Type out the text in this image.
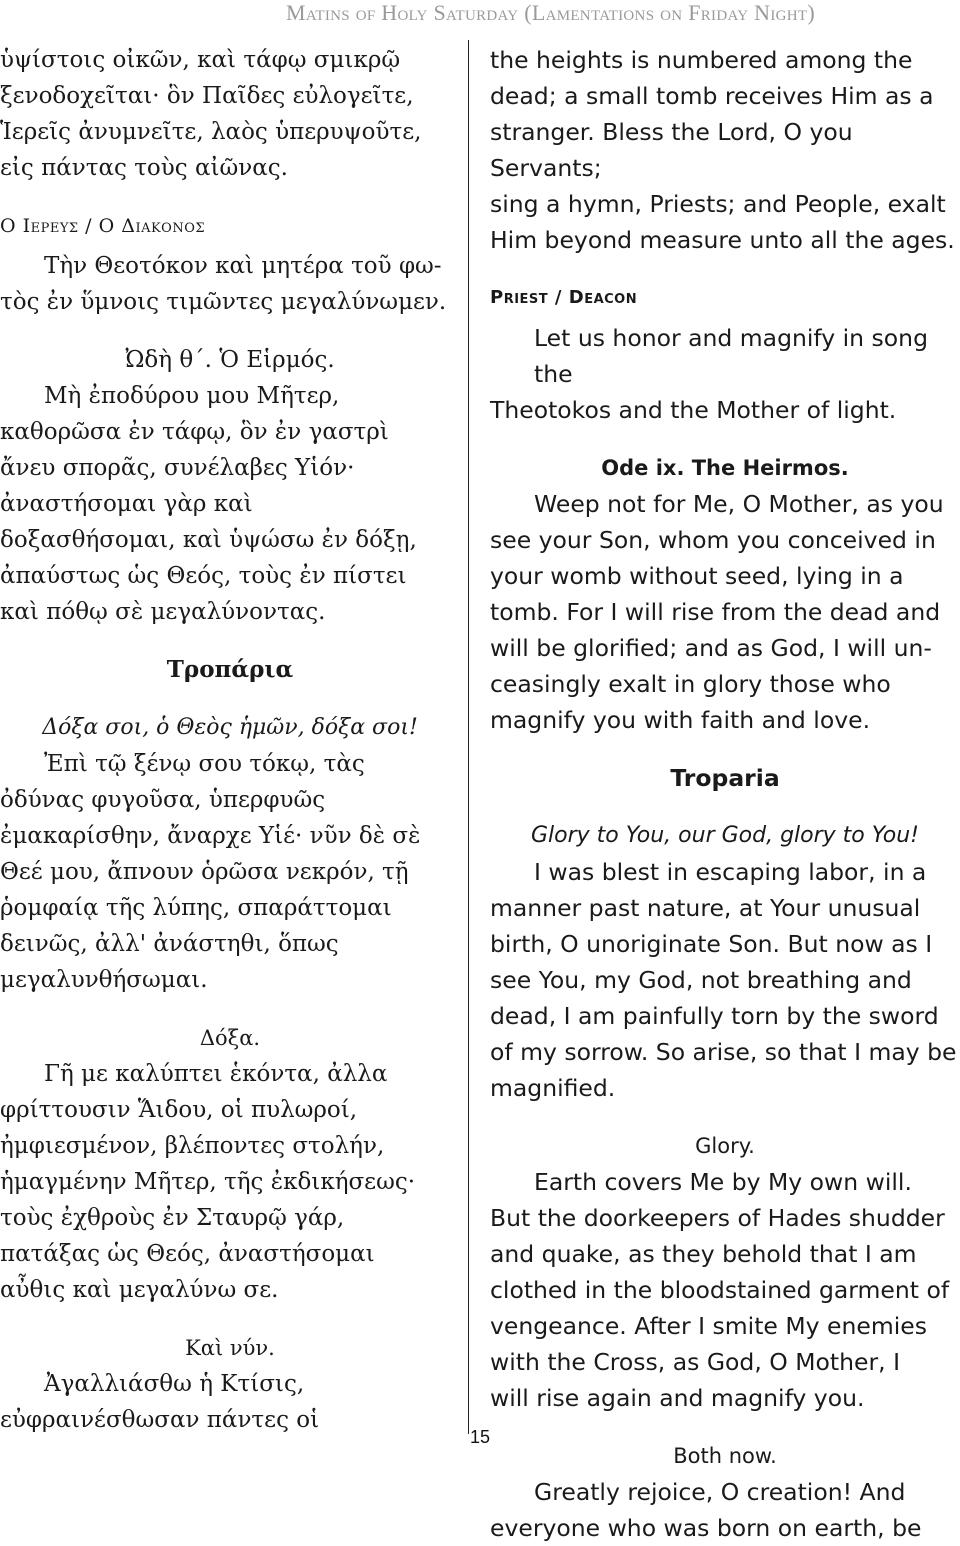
Matins of Holy Saturday (Lamentations on Friday Night)

ὑψίστοις οἰκῶν, καὶ τάφῳ σμικρῷ

ξενοδοχεῖται· ὃν Παῖδες εὐλογεῖτε,

Ἱερεῖς ἀνυμνεῖτε, λαὸς ὑπερυψοῦτε,

εἰς πάντας τοὺς αἰῶνας.

Ο Ιερευς / Ο Διακονος

Τὴν Θεοτόκον καὶ μητέρα τοῦ φω-

τὸς ἐν ὕμνοις τιμῶντες μεγαλύνωμεν.

Ὠδὴ θ΄. Ὁ Εἱρμός.

Μὴ ἐποδύρου μου Μῆτερ,

καθορῶσα ἐν τάφῳ, ὃν ἐν γαστρὶ

ἄνευ σπορᾶς, συνέλαβες Υἱόν·

ἀναστήσομαι γὰρ καὶ

δοξασθήσομαι, καὶ ὑψώσω ἐν δόξῃ,

ἀπαύστως ὡς Θεός, τοὺς ἐν πίστει

καὶ πόθῳ σὲ μεγαλύνοντας.

Τροπάρια

Δόξα σοι, ὁ Θεὸς ἡμῶν, δόξα σοι!

Ἐπὶ τῷ ξένῳ σου τόκῳ, τὰς

ὀδύνας φυγοῦσα, ὑπερφυῶς

ἐμακαρίσθην, ἄναρχε Υἱέ· νῦν δὲ σὲ

Θεέ μου, ἄπνουν ὁρῶσα νεκρόν, τῇ

ῥομφαίᾳ τῆς λύπης, σπαράττομαι

δεινῶς, ἀλλ' ἀνάστηθι, ὅπως

μεγαλυνθήσωμαι.

Δόξα.

Γῆ με καλύπτει ἑκόντα, ἀλλα

φρίττουσιν Ἅιδου, οἱ πυλωροί,

ἠμφιεσμένον, βλέποντες στολήν,

ἡμαγμένην Μῆτερ, τῆς ἐκδικήσεως·

τοὺς ἐχθροὺς ἐν Σταυρῷ γάρ,

πατάξας ὡς Θεός, ἀναστήσομαι

αὖθις καὶ μεγαλύνω σε.

Καὶ νύν.

Ἀγαλλιάσθω ἡ Κτίσις,

εὐφραινέσθωσαν πάντες οἱ

the heights is numbered among the

dead; a small tomb receives Him as a

stranger. Bless the Lord, O you Servants;

sing a hymn, Priests; and People, exalt

Him beyond measure unto all the ages.

Priest / Deacon

Let us honor and magnify in song the

Theotokos and the Mother of light.

Ode ix. The Heirmos.

Weep not for Me, O Mother, as you

see your Son, whom you conceived in

your womb without seed, lying in a

tomb. For I will rise from the dead and

will be glorified; and as God, I will un-

ceasingly exalt in glory those who

magnify you with faith and love.

Troparia

Glory to You, our God, glory to You!

I was blest in escaping labor, in a

manner past nature, at Your unusual

birth, O unoriginate Son. But now as I

see You, my God, not breathing and

dead, I am painfully torn by the sword

of my sorrow. So arise, so that I may be

magnified.

Glory.

Earth covers Me by My own will.

But the doorkeepers of Hades shudder

and quake, as they behold that I am

clothed in the bloodstained garment of

vengeance. After I smite My enemies

with the Cross, as God, O Mother, I

will rise again and magnify you.

Both now.

Greatly rejoice, O creation! And

everyone who was born on earth, be

15
